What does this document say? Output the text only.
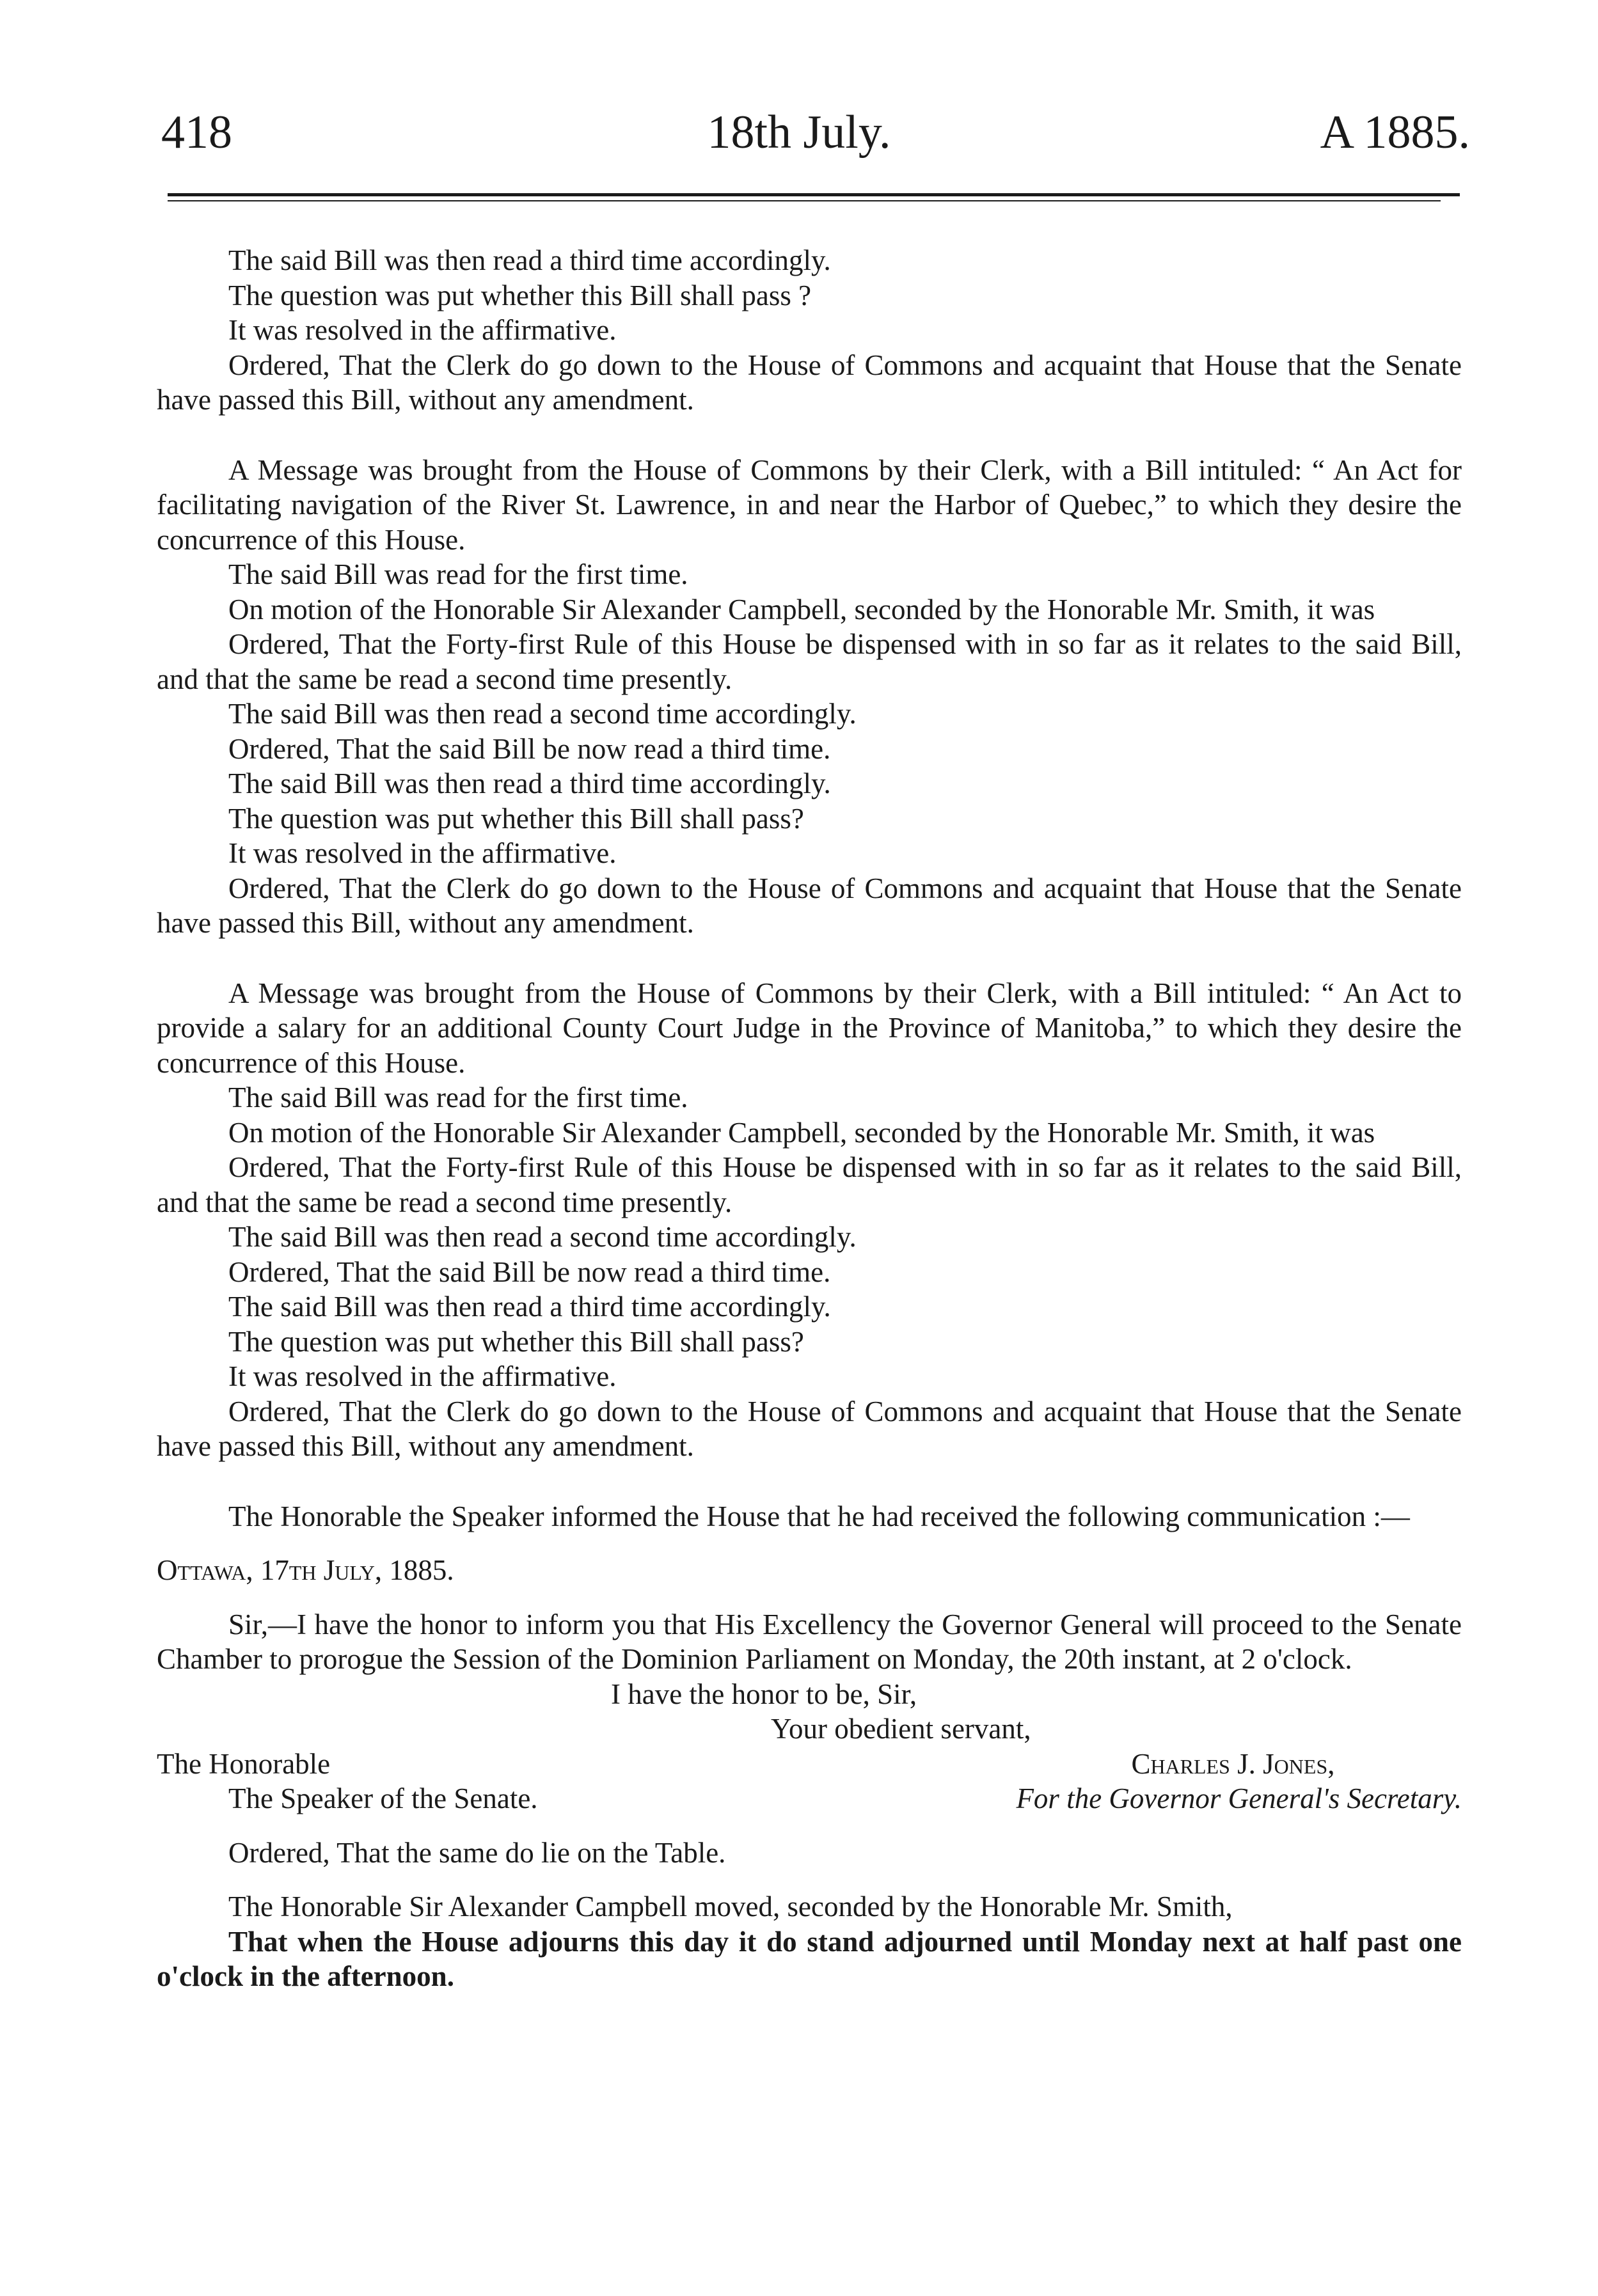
418	18th July.	A 1885.

The said Bill was then read a third time accordingly.

The question was put whether this Bill shall pass ?

It was resolved in the affirmative.

Ordered, That the Clerk do go down to the House of Commons and acquaint that House that the Senate have passed this Bill, without any amendment.

A Message was brought from the House of Commons by their Clerk, with a Bill intituled: “ An Act for facilitating navigation of the River St. Lawrence, in and near the Harbor of Quebec,” to which they desire the concurrence of this House.

The said Bill was read for the first time.

On motion of the Honorable Sir Alexander Campbell, seconded by the Honorable Mr. Smith, it was

Ordered, That the Forty-first Rule of this House be dispensed with in so far as it relates to the said Bill, and that the same be read a second time presently.

The said Bill was then read a second time accordingly.

Ordered, That the said Bill be now read a third time.

The said Bill was then read a third time accordingly.

The question was put whether this Bill shall pass?

It was resolved in the affirmative.

Ordered, That the Clerk do go down to the House of Commons and acquaint that House that the Senate have passed this Bill, without any amendment.

A Message was brought from the House of Commons by their Clerk, with a Bill intituled: “ An Act to provide a salary for an additional County Court Judge in the Province of Manitoba,” to which they desire the concurrence of this House.

The said Bill was read for the first time.

On motion of the Honorable Sir Alexander Campbell, seconded by the Honorable Mr. Smith, it was

Ordered, That the Forty-first Rule of this House be dispensed with in so far as it relates to the said Bill, and that the same be read a second time presently.

The said Bill was then read a second time accordingly.

Ordered, That the said Bill be now read a third time.

The said Bill was then read a third time accordingly.

The question was put whether this Bill shall pass?

It was resolved in the affirmative.

Ordered, That the Clerk do go down to the House of Commons and acquaint that House that the Senate have passed this Bill, without any amendment.

The Honorable the Speaker informed the House that he had received the following communication :—

Ottawa, 17th July, 1885.

Sir,—I have the honor to inform you that His Excellency the Governor General will proceed to the Senate Chamber to prorogue the Session of the Dominion Parliament on Monday, the 20th instant, at 2 o'clock.

I have the honor to be, Sir,

Your obedient servant,

The Honorable
The Speaker of the Senate.
Charles J. Jones,
For the Governor General's Secretary.

Ordered, That the same do lie on the Table.

The Honorable Sir Alexander Campbell moved, seconded by the Honorable Mr. Smith,

That when the House adjourns this day it do stand adjourned until Monday next at half past one o'clock in the afternoon.
